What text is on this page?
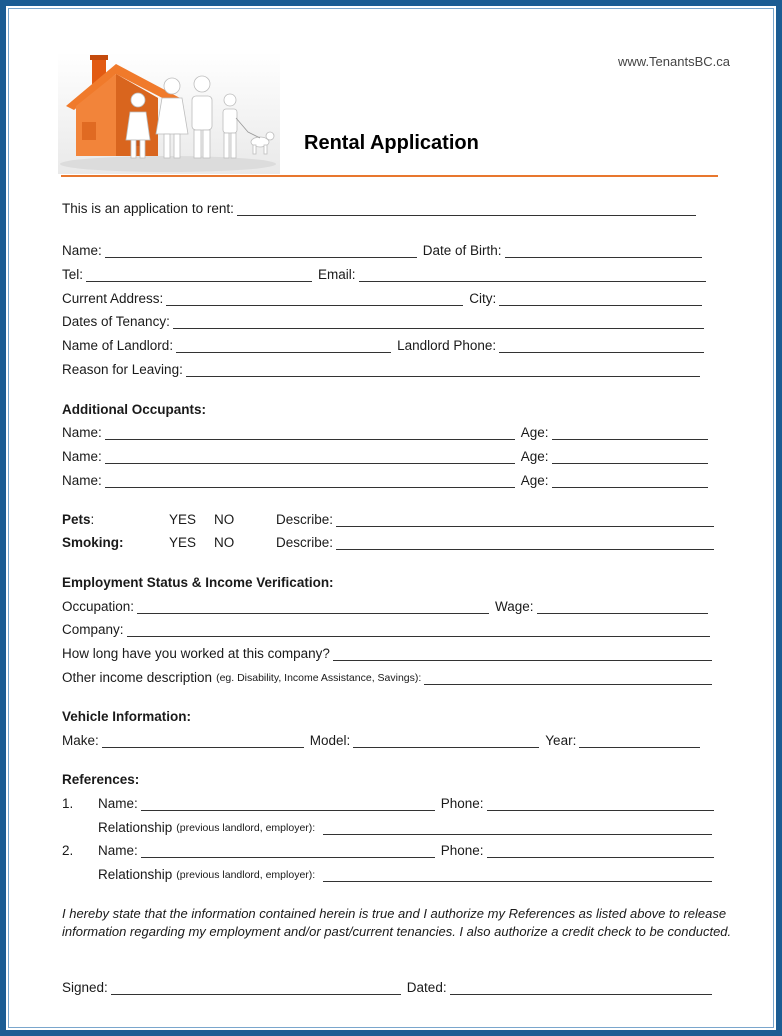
www.TenantsBC.ca
Rental Application
This is an application to rent:
Name:	Date of Birth:
Tel:	Email:
Current Address:	City:
Dates of Tenancy:
Name of Landlord:	Landlord Phone:
Reason for Leaving:
Additional Occupants:
Name:	Age:
Name:	Age:
Name:	Age:
Pets:	YES NO	Describe:
Smoking:	YES NO	Describe:
Employment Status & Income Verification:
Occupation:	Wage:
Company:
How long have you worked at this company?
Other income description (eg. Disability, Income Assistance, Savings):
Vehicle Information:
Make:	Model:	Year:
References:
1. Name:	Phone:
Relationship (previous landlord, employer):
2. Name:	Phone:
Relationship (previous landlord, employer):
I hereby state that the information contained herein is true and I authorize my References as listed above to release information regarding my employment and/or past/current tenancies. I also authorize a credit check to be conducted.
Signed:	Dated:
